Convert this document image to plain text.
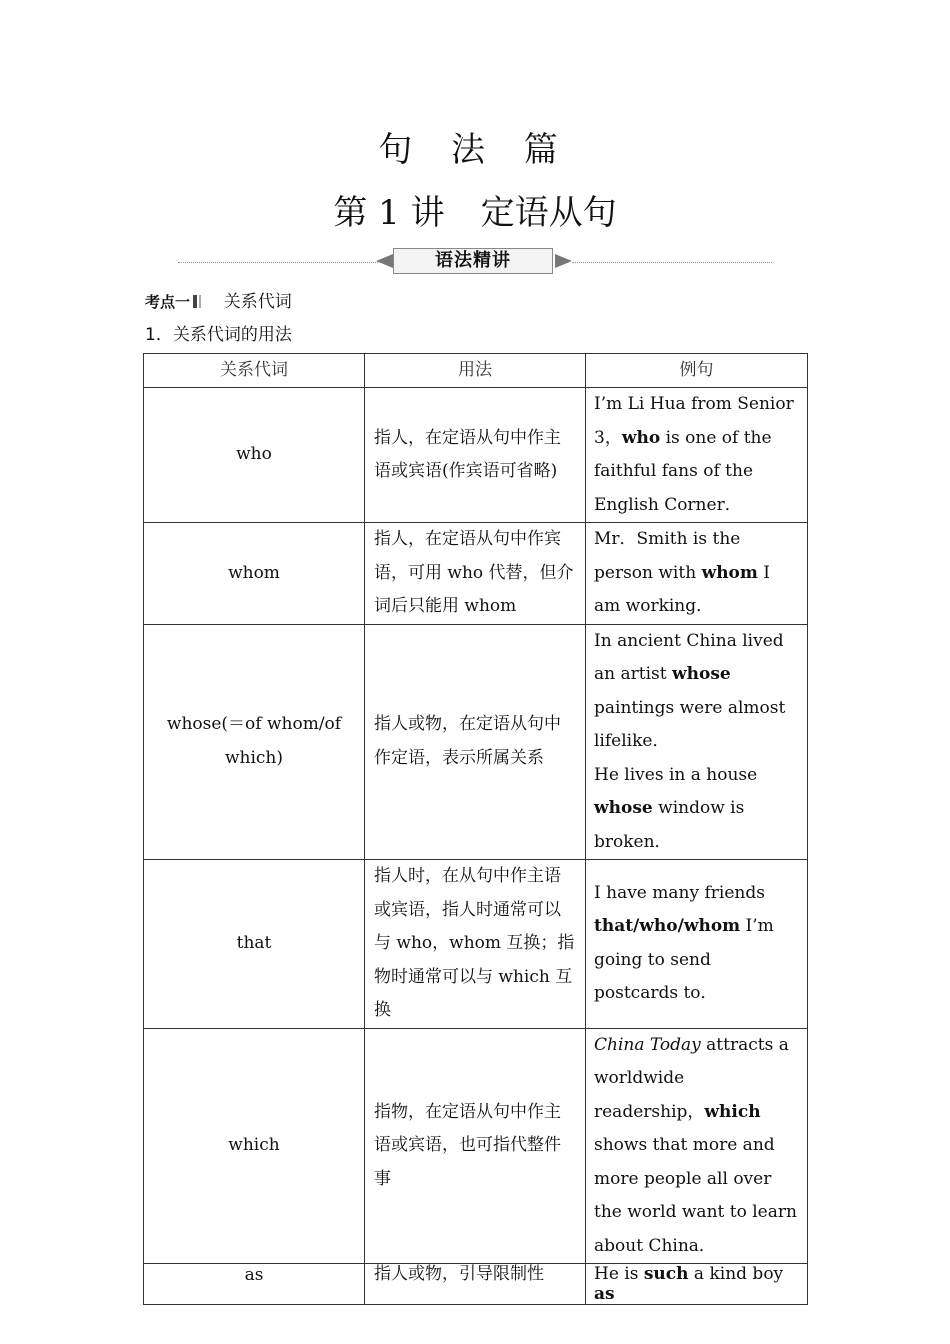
句 法 篇
第 1 讲 定语从句
语法精讲
考点一 关系代词
1．关系代词的用法
关系代词	用法	例句
who	指人，在定语从句中作主语或宾语(作宾语可省略)	I’m Li Hua from Senior 3，who is one of the faithful fans of the English Corner．
whom	指人，在定语从句中作宾语，可用 who 代替，但介词后只能用 whom	Mr．Smith is the person with whom I am working．
whose(＝of whom/of which)	指人或物，在定语从句中作定语，表示所属关系	In ancient China lived an artist whose paintings were almost lifelike．
He lives in a house whose window is broken．
that	指人时，在从句中作主语或宾语，指人时通常可以与 who，whom 互换；指物时通常可以与 which 互换	I have many friends that/who/whom I’m going to send postcards to．
which	指物，在定语从句中作主语或宾语，也可指代整件事	China Today attracts a worldwide readership，which shows that more and more people all over the world want to learn about China．
as	指人或物，引导限制性	He is such a kind boy as
